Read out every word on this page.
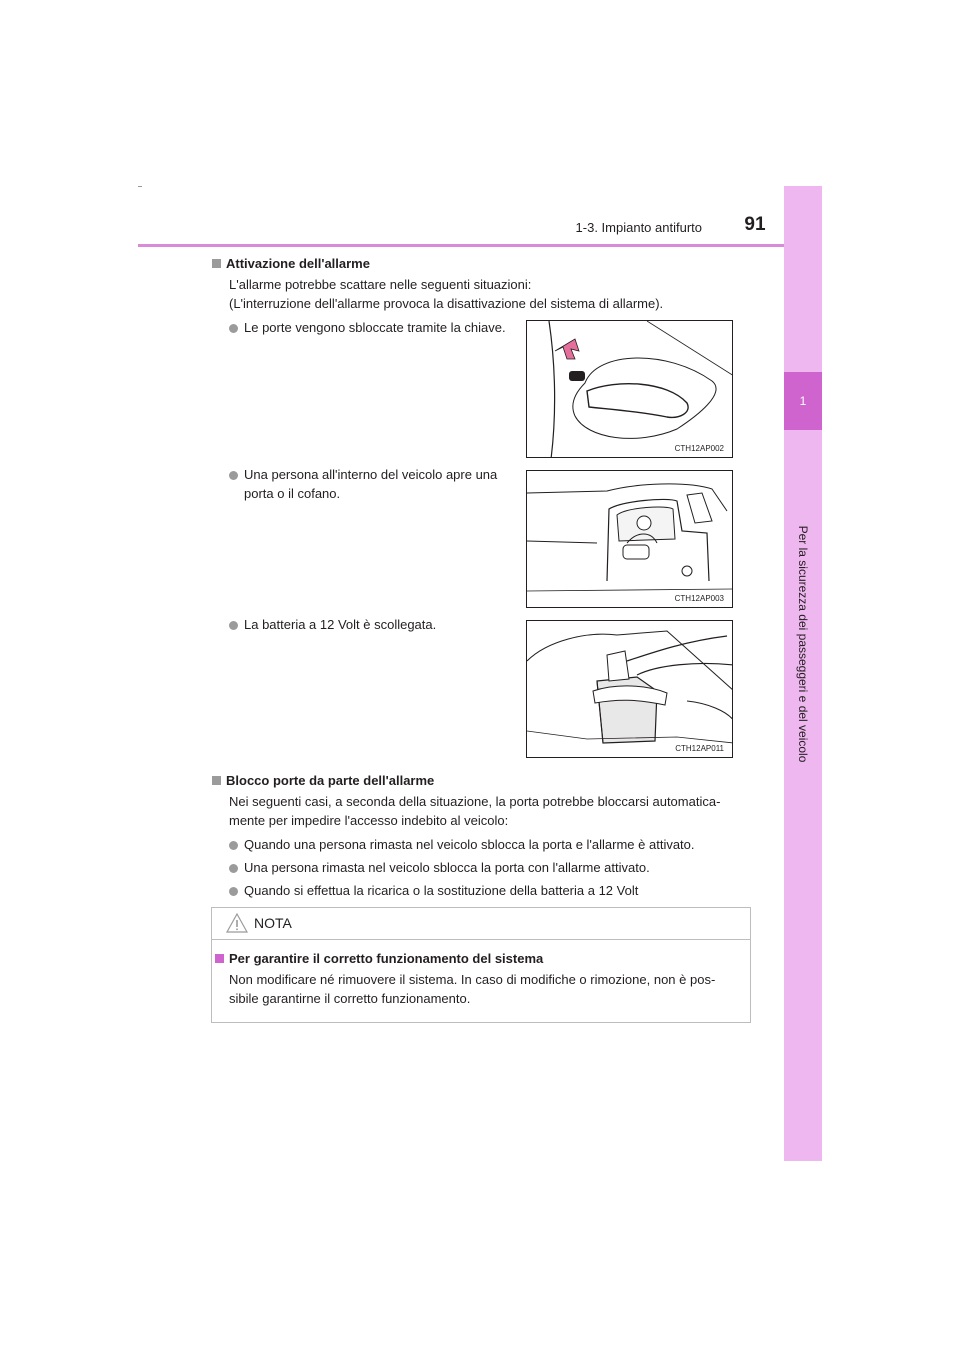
1-3. Impianto antifurto	91
1
Per la sicurezza dei passeggeri e del veicolo
Attivazione dell'allarme
L'allarme potrebbe scattare nelle seguenti situazioni:
(L'interruzione dell'allarme provoca la disattivazione del sistema di allarme).
Le porte vengono sbloccate tramite la chiave.
Una persona all'interno del veicolo apre una
porta o il cofano.
La batteria a 12 Volt è scollegata.
CTH12AP002
CTH12AP003
CTH12AP011
Blocco porte da parte dell'allarme
Nei seguenti casi, a seconda della situazione, la porta potrebbe bloccarsi automatica-
mente per impedire l'accesso indebito al veicolo:
Quando una persona rimasta nel veicolo sblocca la porta e l'allarme è attivato.
Una persona rimasta nel veicolo sblocca la porta con l'allarme attivato.
Quando si effettua la ricarica o la sostituzione della batteria a 12 Volt
NOTA
Per garantire il corretto funzionamento del sistema
Non modificare né rimuovere il sistema. In caso di modifiche o rimozione, non è pos-
sibile garantirne il corretto funzionamento.
